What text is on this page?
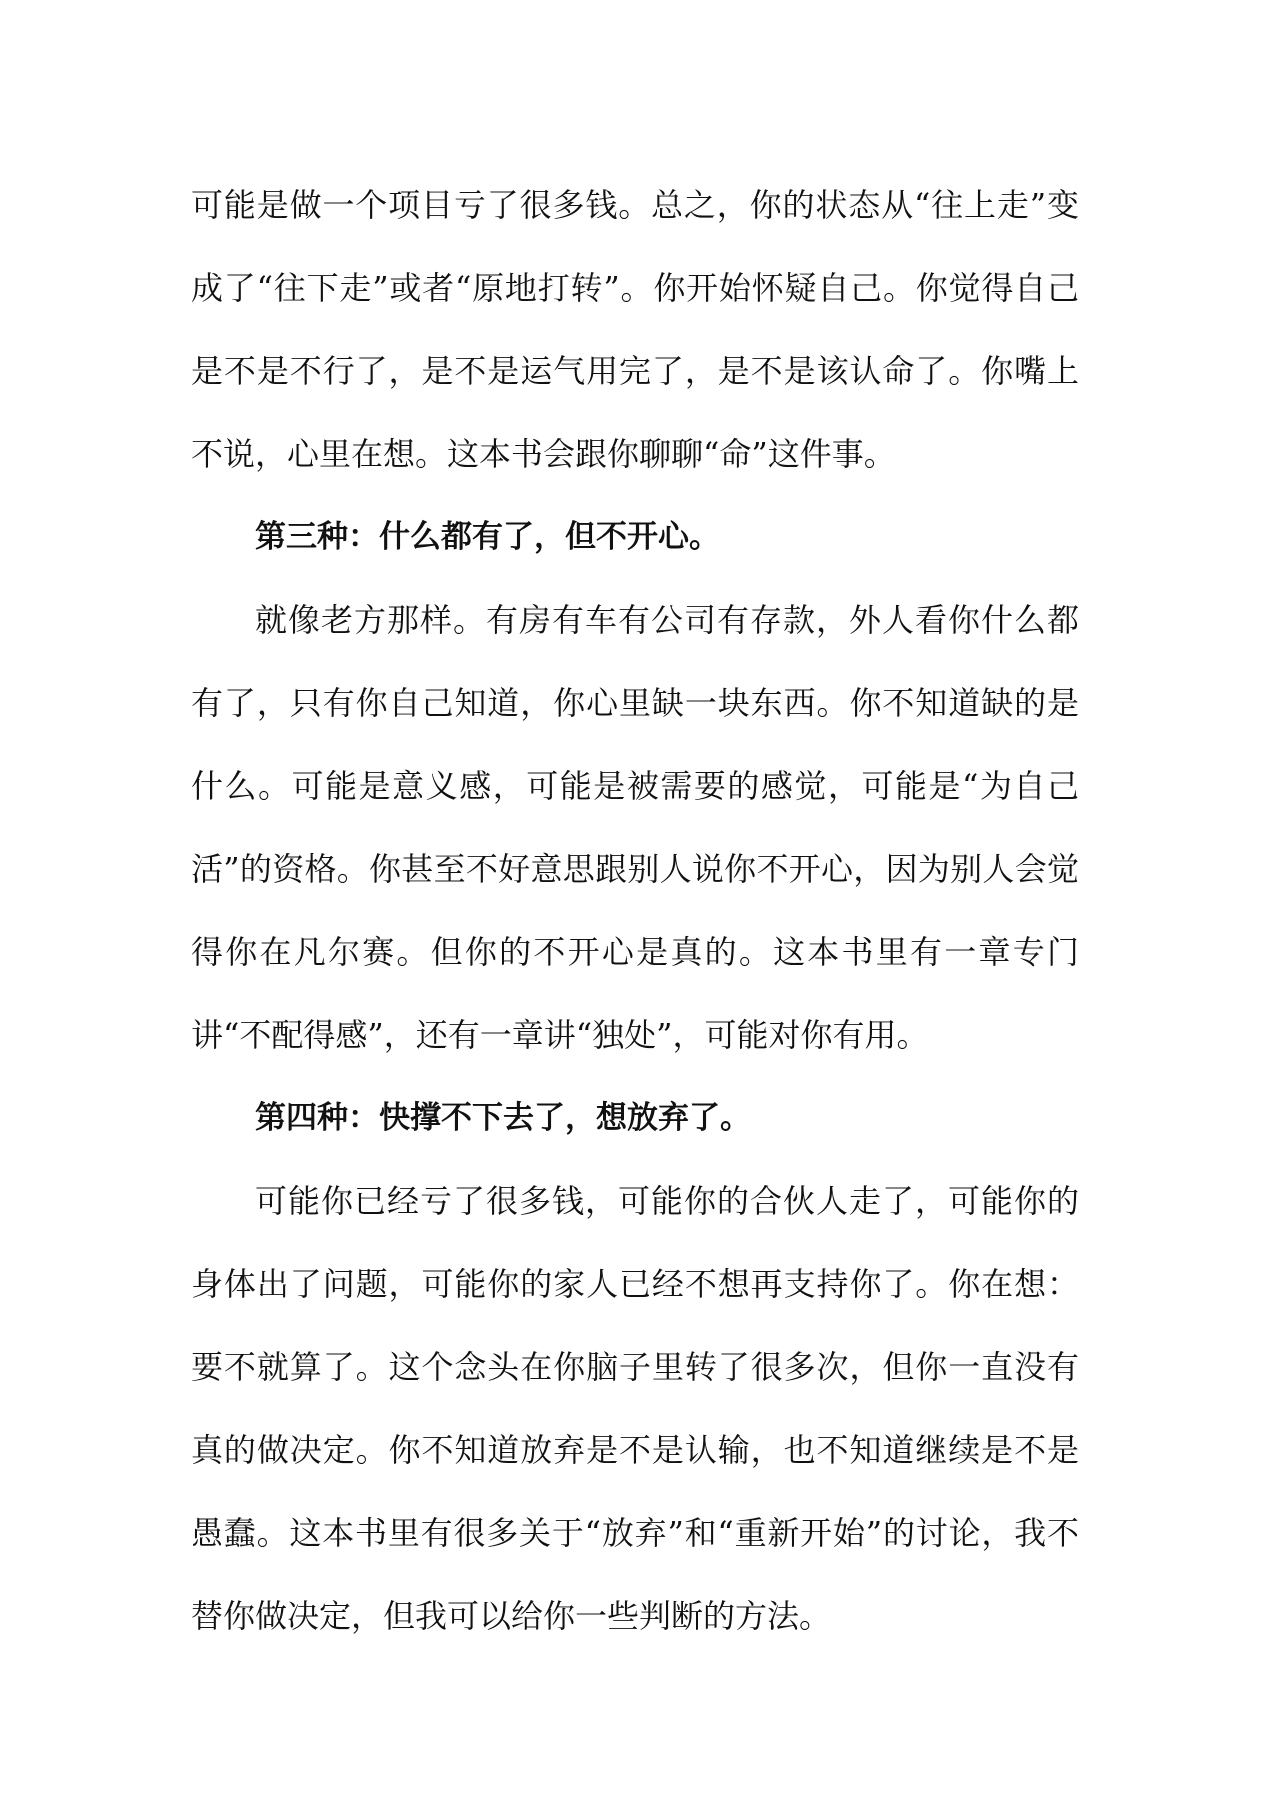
可能是做一个项目亏了很多钱。总之，你的状态从“往上走”变成了“往下走”或者“原地打转”。你开始怀疑自己。你觉得自己是不是不行了，是不是运气用完了，是不是该认命了。你嘴上不说，心里在想。这本书会跟你聊聊“命”这件事。

第三种：什么都有了，但不开心。

就像老方那样。有房有车有公司有存款，外人看你什么都有了，只有你自己知道，你心里缺一块东西。你不知道缺的是什么。可能是意义感，可能是被需要的感觉，可能是“为自己活”的资格。你甚至不好意思跟别人说你不开心，因为别人会觉得你在凡尔赛。但你的不开心是真的。这本书里有一章专门讲“不配得感”，还有一章讲“独处”，可能对你有用。

第四种：快撑不下去了，想放弃了。

可能你已经亏了很多钱，可能你的合伙人走了，可能你的身体出了问题，可能你的家人已经不想再支持你了。你在想：要不就算了。这个念头在你脑子里转了很多次，但你一直没有真的做决定。你不知道放弃是不是认输，也不知道继续是不是愚蠢。这本书里有很多关于“放弃”和“重新开始”的讨论，我不替你做决定，但我可以给你一些判断的方法。
